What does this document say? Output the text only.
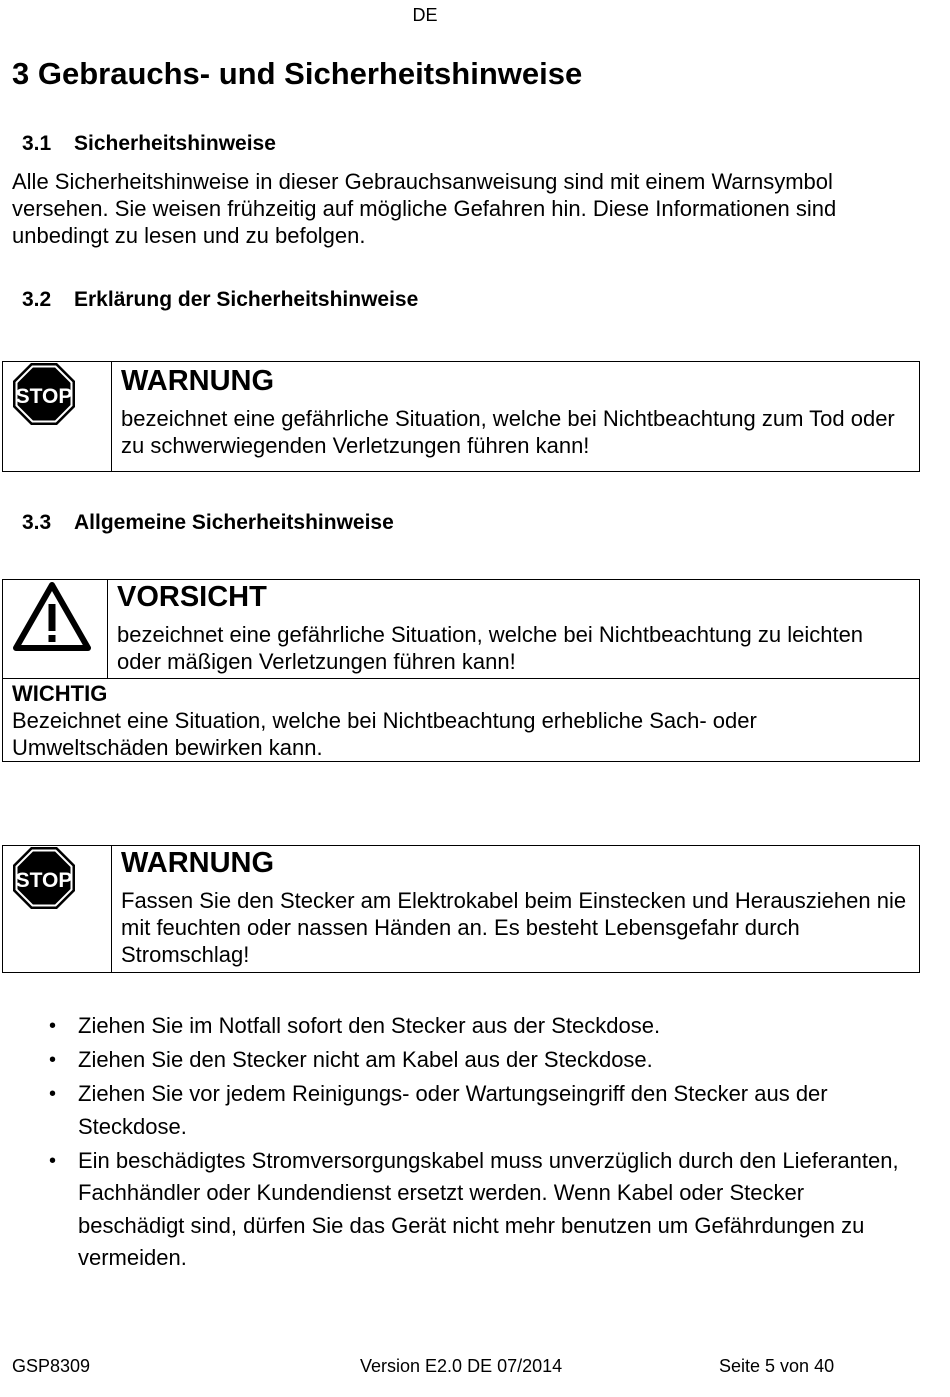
DE
3 Gebrauchs- und Sicherheitshinweise
3.1 Sicherheitshinweise
Alle Sicherheitshinweise in dieser Gebrauchsanweisung sind mit einem Warnsymbol versehen. Sie weisen frühzeitig auf mögliche Gefahren hin. Diese Informationen sind unbedingt zu lesen und zu befolgen.
3.2 Erklärung der Sicherheitshinweise
STOP WARNUNG
bezeichnet eine gefährliche Situation, welche bei Nichtbeachtung zum Tod oder zu schwerwiegenden Verletzungen führen kann!
3.3 Allgemeine Sicherheitshinweise
VORSICHT
bezeichnet eine gefährliche Situation, welche bei Nichtbeachtung zu leichten oder mäßigen Verletzungen führen kann!
WICHTIG
Bezeichnet eine Situation, welche bei Nichtbeachtung erhebliche Sach- oder Umweltschäden bewirken kann.
STOP
WARNUNG
Fassen Sie den Stecker am Elektrokabel beim Einstecken und Herausziehen nie mit feuchten oder nassen Händen an. Es besteht Lebensgefahr durch Stromschlag!
• Ziehen Sie im Notfall sofort den Stecker aus der Steckdose.
• Ziehen Sie den Stecker nicht am Kabel aus der Steckdose.
• Ziehen Sie vor jedem Reinigungs- oder Wartungseingriff den Stecker aus der Steckdose.
• Ein beschädigtes Stromversorgungskabel muss unverzüglich durch den Lieferanten, Fachhändler oder Kundendienst ersetzt werden. Wenn Kabel oder Stecker beschädigt sind, dürfen Sie das Gerät nicht mehr benutzen um Gefährdungen zu vermeiden.
GSP8309	Version E2.0 DE 07/2014	Seite 5 von 40
